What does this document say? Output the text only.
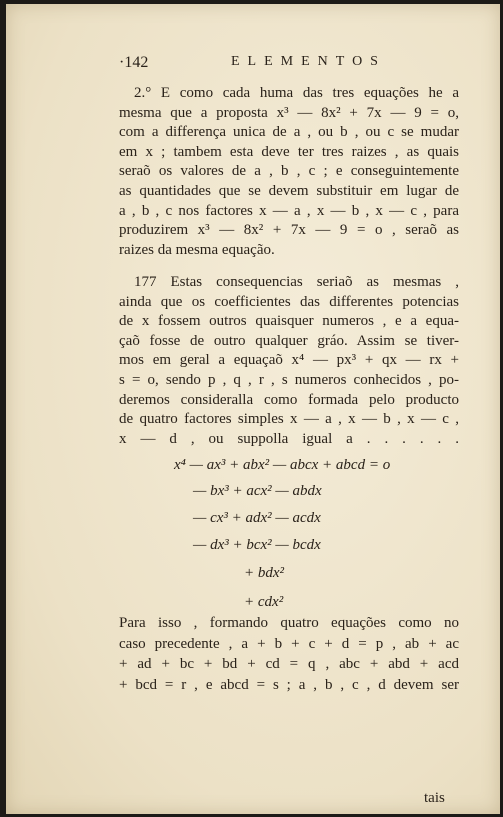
·142	ELEMENTOS
2.° E como cada huma das tres equações he a
mesma que a proposta x³ — 8x² + 7x — 9 = o,
com a differença unica de a , ou b , ou c se mudar
em x ; tambem esta deve ter tres raizes , as quais
seraõ os valores de a , b , c ; e conseguintemente
as quantidades que se devem substituir em lugar de
a , b , c nos factores x — a , x — b , x — c , para
produzirem x³ — 8x² + 7x — 9 = o , seraõ as
raizes da mesma equação.
177 Estas consequencias seriaõ as mesmas ,
ainda que os coefficientes das differentes potencias
de x fossem outros quaisquer numeros , e a equa-
çaõ fosse de outro qualquer gráo. Assim se tiver-
mos em geral a equaçaõ x⁴ — px³ + qx — rx +
s = o, sendo p , q , r , s numeros conhecidos , po-
deremos consideralla como formada pelo producto
de quatro factores simples x — a , x — b , x — c ,
x — d , ou suppolla igual a . . . . . .
x⁴ — ax³ + abx² — abcx + abcd = o
— bx³ + acx² — abdx
— cx³ + adx² — acdx
— dx³ + bcx² — bcdx
+ bdx²
+ cdx²
Para isso , formando quatro equações como no
caso precedente , a + b + c + d = p , ab + ac
+ ad + bc + bd + cd = q , abc + abd + acd
+ bcd = r , e abcd = s ; a , b , c , d devem ser
tais
